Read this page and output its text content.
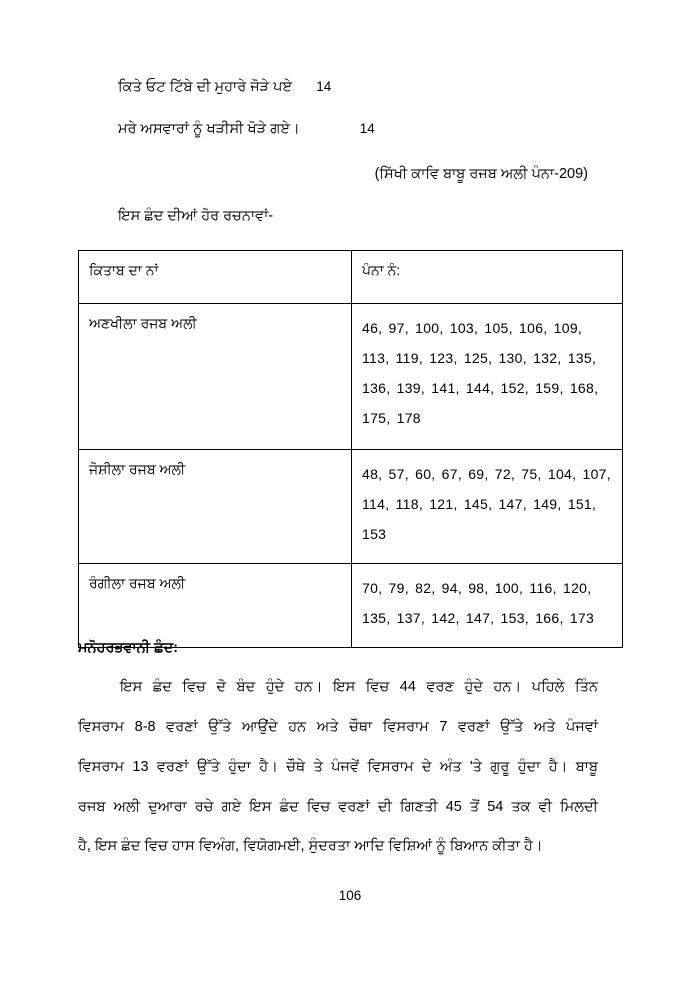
ਕਿਤੇ ਓਟ ਟਿੱਬੇ ਦੀ ਮੁਹਾਰੇ ਜੋੜੇ ਪਏ 14
ਮਰੇ ਅਸਵਾਰਾਂ ਨੂੰ ਖੜੀਸੀ ਖੋੜੇ ਗਏ।	14
(ਸਿੱਖੀ ਕਾਵਿ ਬਾਬੂ ਰਜਬ ਅਲੀ ਪੰਨਾ-209)
ਇਸ ਛੰਦ ਦੀਆਂ ਹੋਰ ਰਚਨਾਵਾਂ-
ਕਿਤਾਬ ਦਾ ਨਾਂ	ਪੰਨਾ ਨੰ:

ਅਣਖੀਲਾ ਰਜਬ ਅਲੀ	46, 97, 100, 103, 105, 106, 109, 113, 119, 123, 125, 130, 132, 135, 136, 139, 141, 144, 152, 159, 168, 175, 178

ਜੋਸ਼ੀਲਾ ਰਜਬ ਅਲੀ	48, 57, 60, 67, 69, 72, 75, 104, 107, 114, 118, 121, 145, 147, 149, 151, 153

ਰੰਗੀਲਾ ਰਜਬ ਅਲੀ	70, 79, 82, 94, 98, 100, 116, 120, 135, 137, 142, 147, 153, 166, 173
ਮਨੋਹਰਭਵਾਨੀ ਛੰਦ:
ਇਸ ਛੰਦ ਵਿਚ ਦੋ ਬੰਦ ਹੁੰਦੇ ਹਨ। ਇਸ ਵਿਚ 44 ਵਰਣ ਹੁੰਦੇ ਹਨ। ਪਹਿਲੇ ਤਿੰਨ
ਵਿਸਰਾਮ 8-8 ਵਰਣਾਂ ਉੱਤੇ ਆਉਂਦੇ ਹਨ ਅਤੇ ਚੌਥਾ ਵਿਸਰਾਮ 7 ਵਰਣਾਂ ਉੱਤੇ ਅਤੇ ਪੰਜਵਾਂ
ਵਿਸਰਾਮ 13 ਵਰਣਾਂ ਉੱਤੇ ਹੁੰਦਾ ਹੈ। ਚੌਥੇ ਤੇ ਪੰਜਵੇਂ ਵਿਸਰਾਮ ਦੇ ਅੰਤ 'ਤੇ ਗੁਰੂ ਹੁੰਦਾ ਹੈ। ਬਾਬੂ
ਰਜਬ ਅਲੀ ਦੁਆਰਾ ਰਚੇ ਗਏ ਇਸ ਛੰਦ ਵਿਚ ਵਰਣਾਂ ਦੀ ਗਿਣਤੀ 45 ਤੋਂ 54 ਤਕ ਵੀ ਮਿਲਦੀ
ਹੈ, ਇਸ ਛੰਦ ਵਿਚ ਹਾਸ ਵਿਅੰਗ, ਵਿਯੋਗਮਈ, ਸੁੰਦਰਤਾ ਆਦਿ ਵਿਸ਼ਿਆਂ ਨੂੰ ਬਿਆਨ ਕੀਤਾ ਹੈ।
106
